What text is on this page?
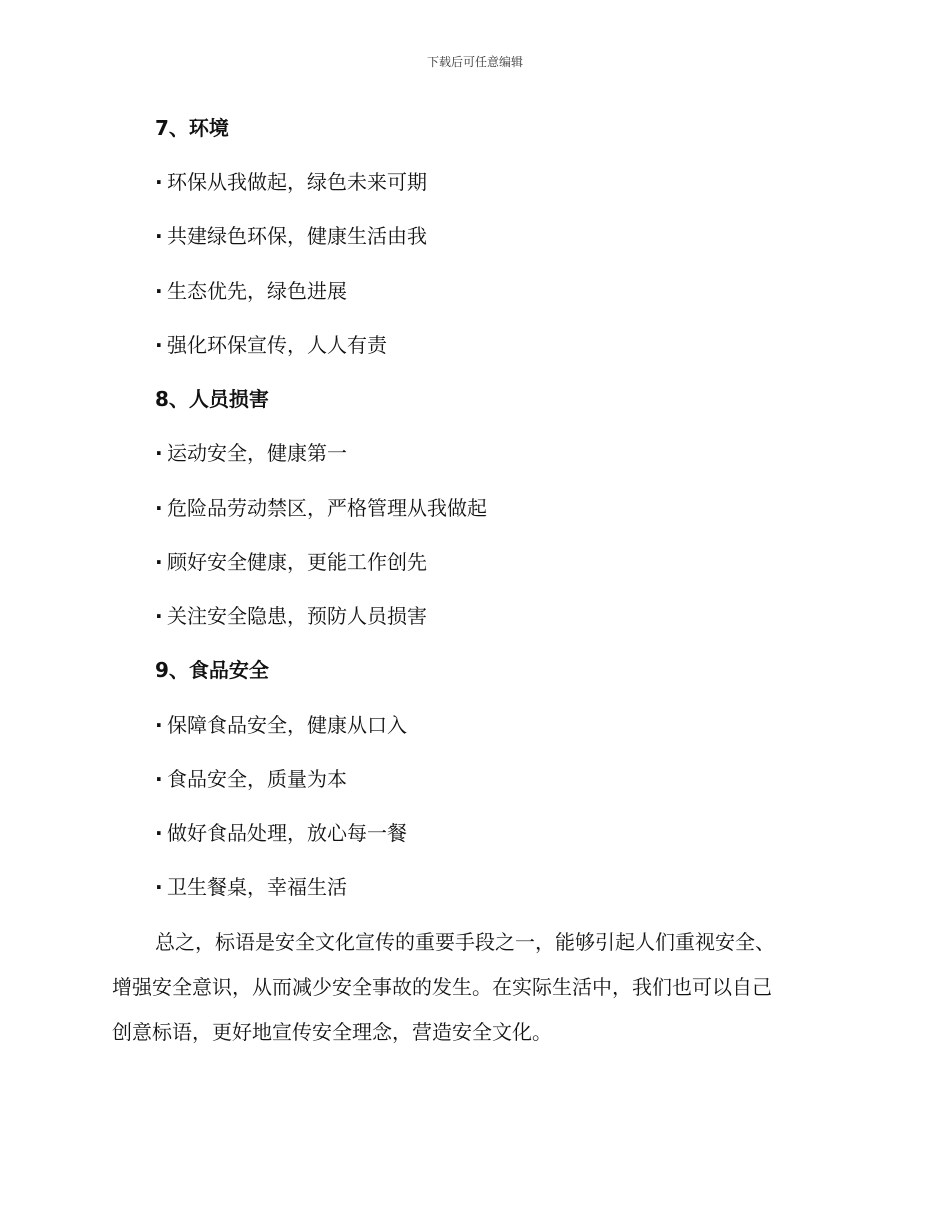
下载后可任意编辑
7、环境
· 环保从我做起，绿色未来可期
· 共建绿色环保，健康生活由我
· 生态优先，绿色进展
· 强化环保宣传，人人有责
8、人员损害
· 运动安全，健康第一
· 危险品劳动禁区，严格管理从我做起
· 顾好安全健康，更能工作创先
· 关注安全隐患，预防人员损害
9、食品安全
· 保障食品安全，健康从口入
· 食品安全，质量为本
· 做好食品处理，放心每一餐
· 卫生餐桌，幸福生活

总之，标语是安全文化宣传的重要手段之一，能够引起人们重视安全、

增强安全意识，从而减少安全事故的发生。在实际生活中，我们也可以自己

创意标语，更好地宣传安全理念，营造安全文化。
